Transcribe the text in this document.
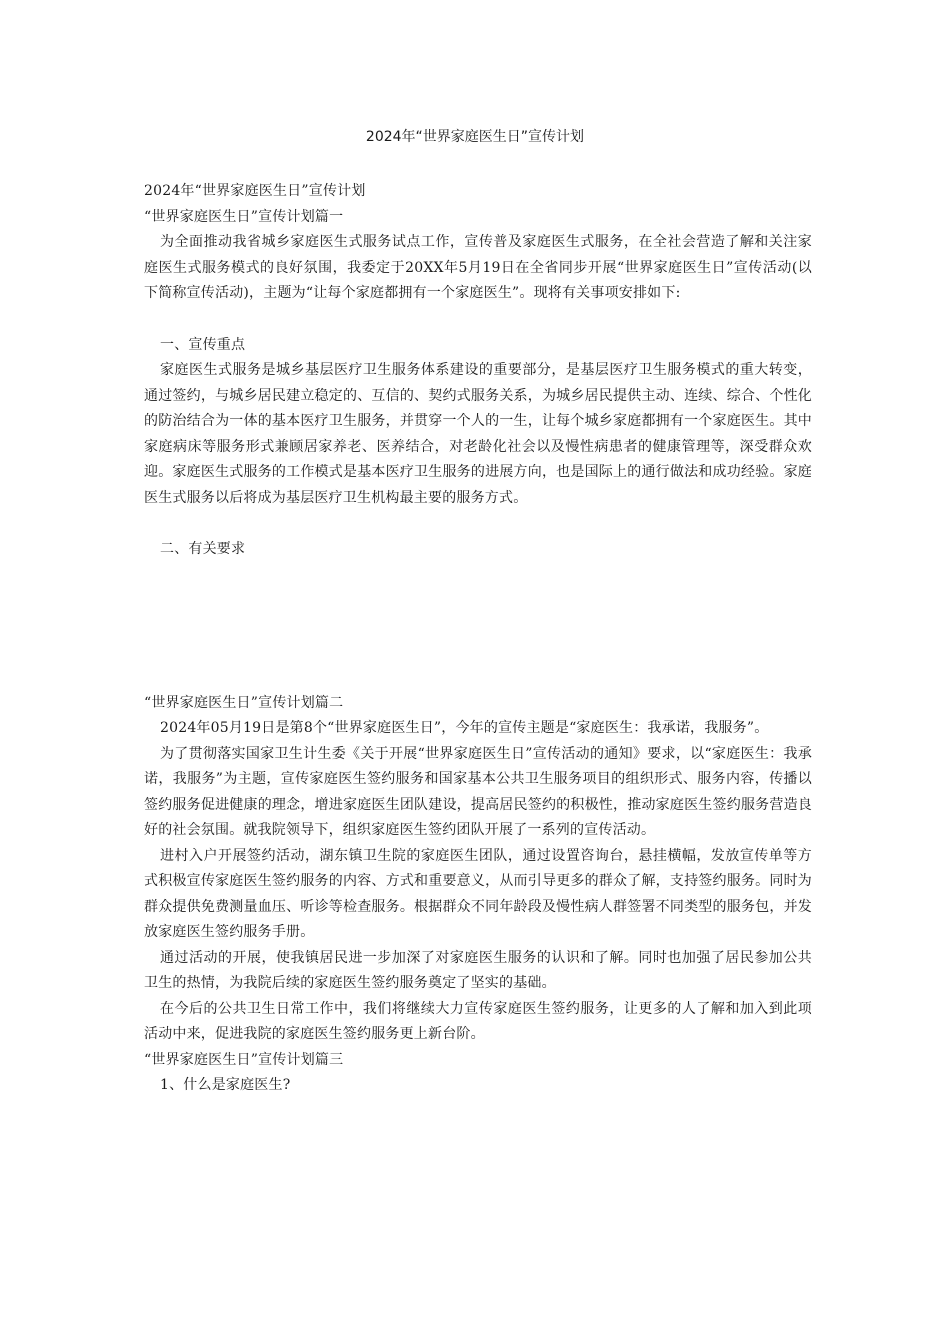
2024年“世界家庭医生日”宣传计划

2024年“世界家庭医生日”宣传计划

“世界家庭医生日”宣传计划篇一

为全面推动我省城乡家庭医生式服务试点工作，宣传普及家庭医生式服务，在全社会营造了解和关注家庭医生式服务模式的良好氛围，我委定于20XX年5月19日在全省同步开展“世界家庭医生日”宣传活动(以下简称宣传活动)，主题为“让每个家庭都拥有一个家庭医生”。现将有关事项安排如下:

一、宣传重点

家庭医生式服务是城乡基层医疗卫生服务体系建设的重要部分，是基层医疗卫生服务模式的重大转变，通过签约，与城乡居民建立稳定的、互信的、契约式服务关系，为城乡居民提供主动、连续、综合、个性化的防治结合为一体的基本医疗卫生服务，并贯穿一个人的一生，让每个城乡家庭都拥有一个家庭医生。其中家庭病床等服务形式兼顾居家养老、医养结合，对老龄化社会以及慢性病患者的健康管理等，深受群众欢迎。家庭医生式服务的工作模式是基本医疗卫生服务的进展方向，也是国际上的通行做法和成功经验。家庭医生式服务以后将成为基层医疗卫生机构最主要的服务方式。

二、有关要求

“世界家庭医生日”宣传计划篇二

2024年05月19日是第8个“世界家庭医生日”，今年的宣传主题是“家庭医生：我承诺，我服务”。

为了贯彻落实国家卫生计生委《关于开展“世界家庭医生日”宣传活动的通知》要求，以“家庭医生：我承诺，我服务”为主题，宣传家庭医生签约服务和国家基本公共卫生服务项目的组织形式、服务内容，传播以签约服务促进健康的理念，增进家庭医生团队建设，提高居民签约的积极性，推动家庭医生签约服务营造良好的社会氛围。就我院领导下，组织家庭医生签约团队开展了一系列的宣传活动。

进村入户开展签约活动，湖东镇卫生院的家庭医生团队，通过设置咨询台，悬挂横幅，发放宣传单等方式积极宣传家庭医生签约服务的内容、方式和重要意义，从而引导更多的群众了解，支持签约服务。同时为群众提供免费测量血压、听诊等检查服务。根据群众不同年龄段及慢性病人群签署不同类型的服务包，并发放家庭医生签约服务手册。

通过活动的开展，使我镇居民进一步加深了对家庭医生服务的认识和了解。同时也加强了居民参加公共卫生的热情，为我院后续的家庭医生签约服务奠定了坚实的基础。

在今后的公共卫生日常工作中，我们将继续大力宣传家庭医生签约服务，让更多的人了解和加入到此项活动中来，促进我院的家庭医生签约服务更上新台阶。

“世界家庭医生日”宣传计划篇三

1、什么是家庭医生?
